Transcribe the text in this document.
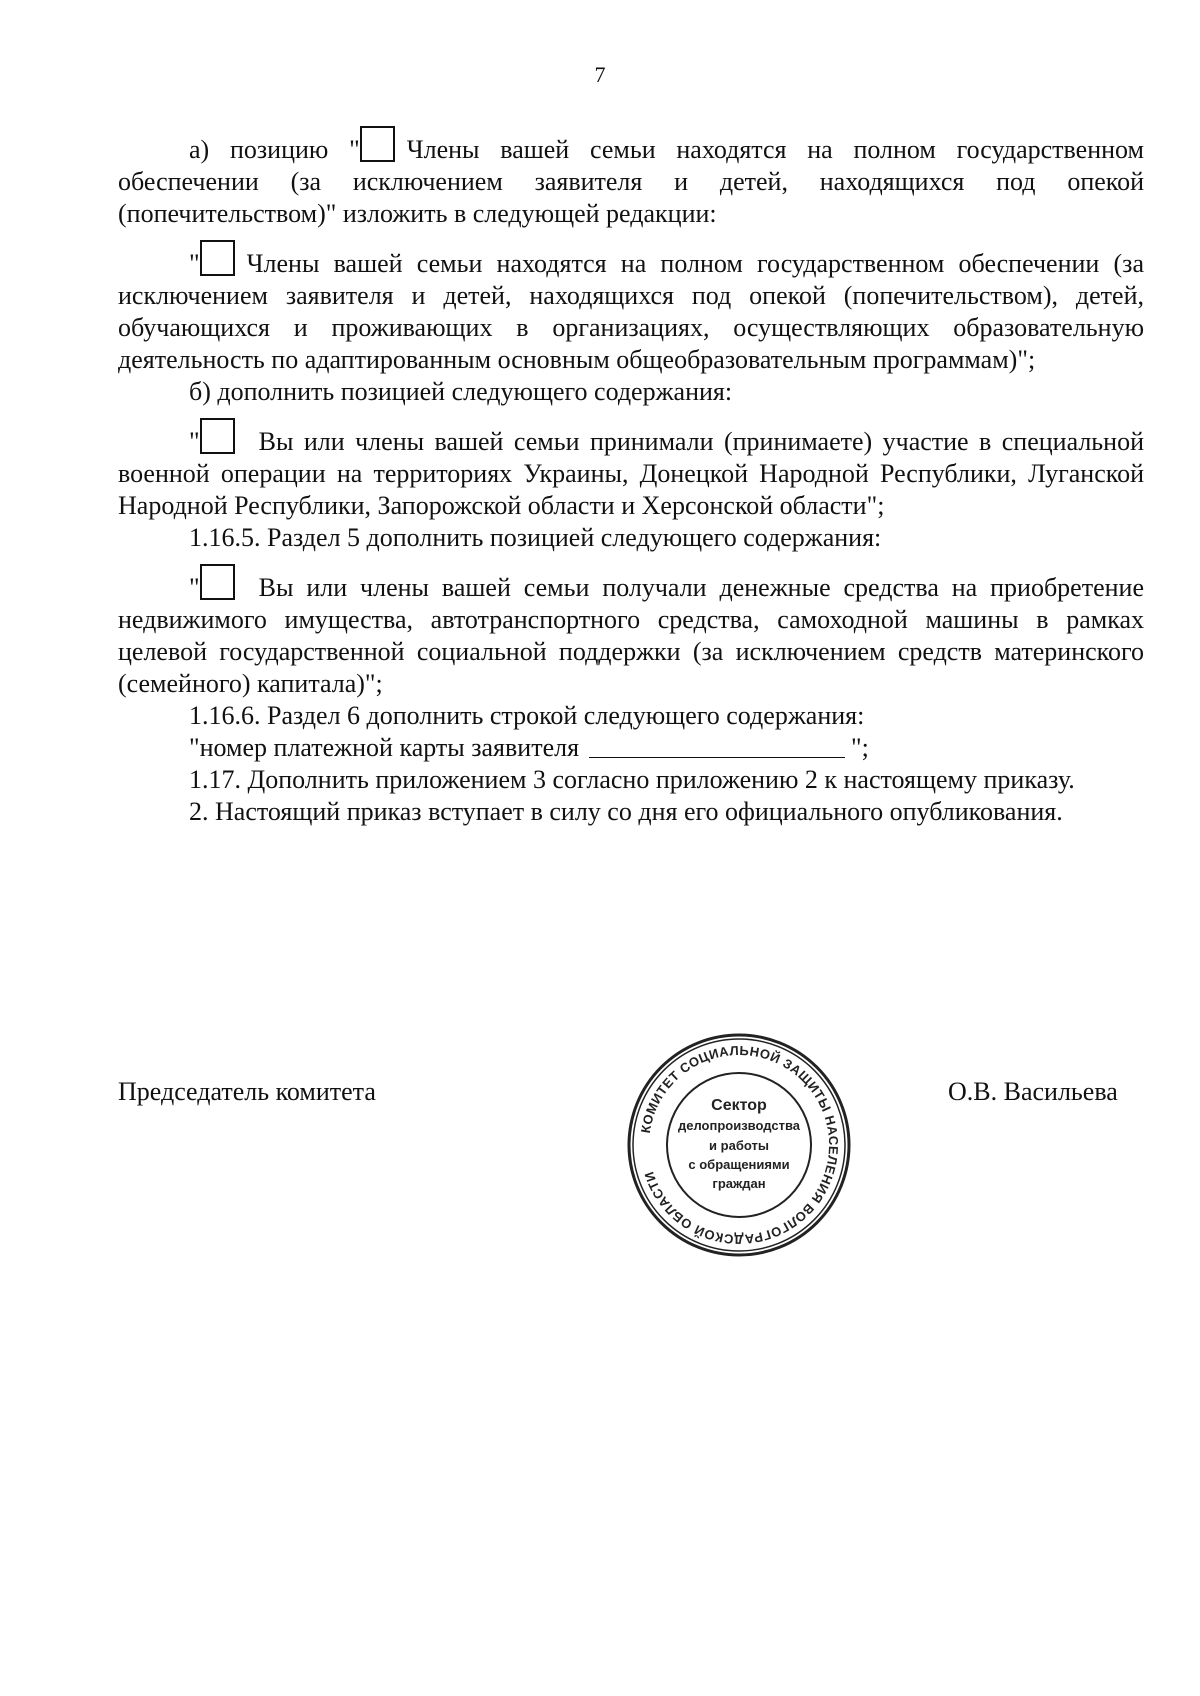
7

а) позицию " Члены вашей семьи находятся на полном государственном обеспечении (за исключением заявителя и детей, находящихся под опекой (попечительством)" изложить в следующей редакции:

" Члены вашей семьи находятся на полном государственном обеспечении (за исключением заявителя и детей, находящихся под опекой (попечительством), детей, обучающихся и проживающих в организациях, осуществляющих образовательную деятельность по адаптированным основным общеобразовательным программам)";

б) дополнить позицией следующего содержания:

" Вы или члены вашей семьи принимали (принимаете) участие в специальной военной операции на территориях Украины, Донецкой Народной Республики, Луганской Народной Республики, Запорожской области и Херсонской области";

1.16.5. Раздел 5 дополнить позицией следующего содержания:

" Вы или члены вашей семьи получали денежные средства на приобретение недвижимого имущества, автотранспортного средства, самоходной машины в рамках целевой государственной социальной поддержки (за исключением средств материнского (семейного) капитала)";

1.16.6. Раздел 6 дополнить строкой следующего содержания:

"номер платежной карты заявителя	";

1.17. Дополнить приложением 3 согласно приложению 2 к настоящему приказу.

2. Настоящий приказ вступает в силу со дня его официального опубликования.

Председатель комитета	О.В. Васильева
КОМИТЕТ СОЦИАЛЬНОЙ ЗАЩИТЫ НАСЕЛЕНИЯ ВОЛГОГРАДСКОЙ ОБЛАСТИ
Сектор
делопроизводства
и работы
с обращениями
граждан
